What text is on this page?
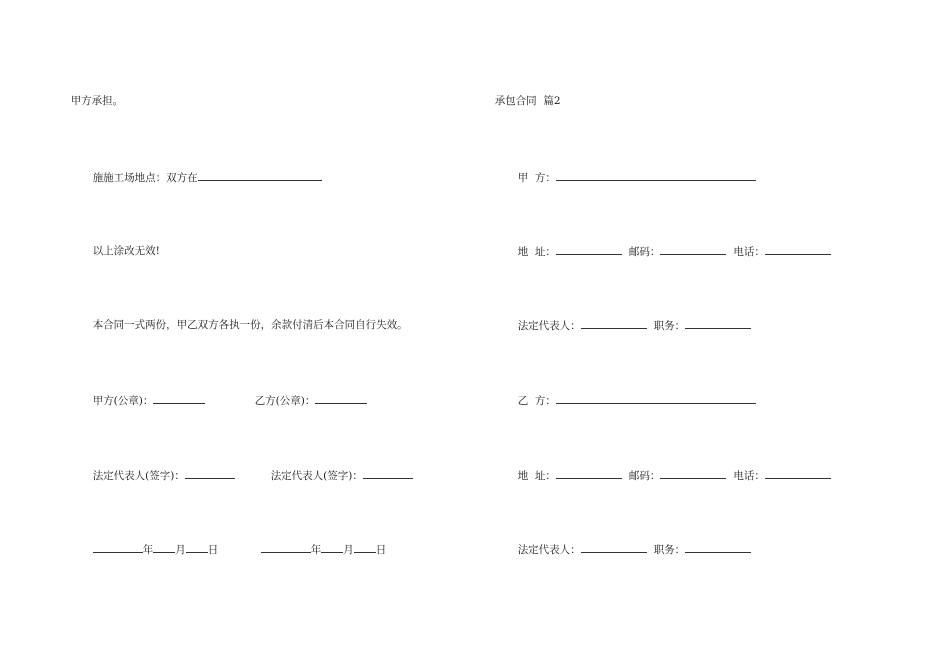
甲方承担。

施施工场地点：双方在

以上涂改无效!

本合同一式两份，甲乙双方各执一份，余款付清后本合同自行失效。

甲方(公章)：	乙方(公章)：

法定代表人(签字)：	法定代表人(签字)：

年 月 日	年 月 日

承包合同  篇2

甲  方：

地  址：	邮码：	电话：

法定代表人：	职务：

乙  方：

地  址：	邮码：	电话：

法定代表人：	职务：
